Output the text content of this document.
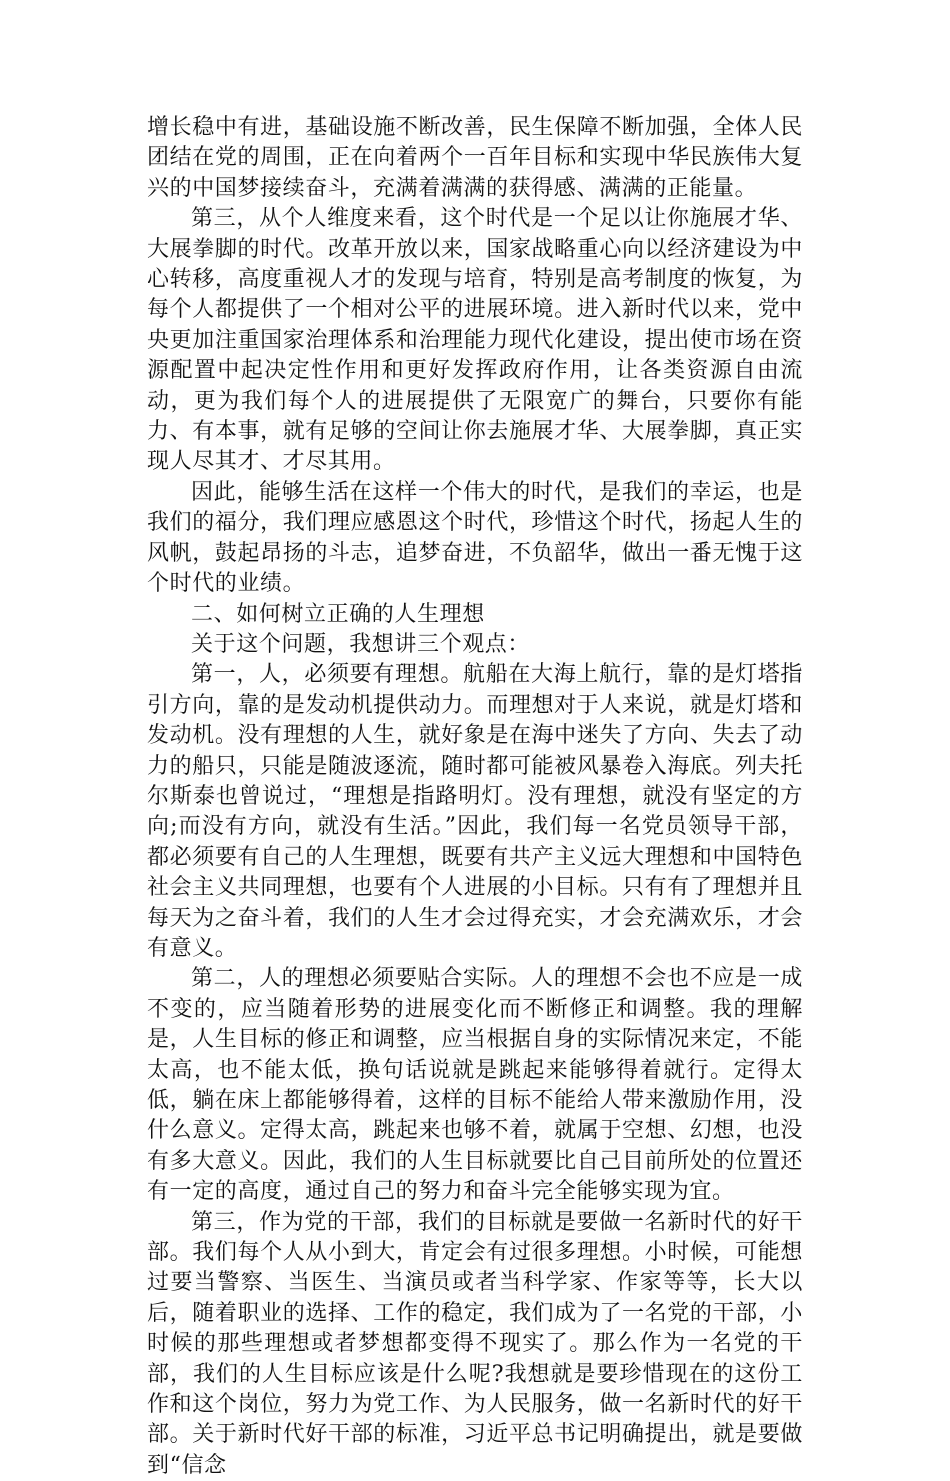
增长稳中有进，基础设施不断改善，民生保障不断加强，全体人民团结在党的周围，正在向着两个一百年目标和实现中华民族伟大复兴的中国梦接续奋斗，充满着满满的获得感、满满的正能量。

第三，从个人维度来看，这个时代是一个足以让你施展才华、大展拳脚的时代。改革开放以来，国家战略重心向以经济建设为中心转移，高度重视人才的发现与培育，特别是高考制度的恢复，为每个人都提供了一个相对公平的进展环境。进入新时代以来，党中央更加注重国家治理体系和治理能力现代化建设，提出使市场在资源配置中起决定性作用和更好发挥政府作用，让各类资源自由流动，更为我们每个人的进展提供了无限宽广的舞台，只要你有能力、有本事，就有足够的空间让你去施展才华、大展拳脚，真正实现人尽其才、才尽其用。

因此，能够生活在这样一个伟大的时代，是我们的幸运，也是我们的福分，我们理应感恩这个时代，珍惜这个时代，扬起人生的风帆，鼓起昂扬的斗志，追梦奋进，不负韶华，做出一番无愧于这个时代的业绩。

二、如何树立正确的人生理想

关于这个问题，我想讲三个观点：

第一，人，必须要有理想。航船在大海上航行，靠的是灯塔指引方向，靠的是发动机提供动力。而理想对于人来说，就是灯塔和发动机。没有理想的人生，就好象是在海中迷失了方向、失去了动力的船只，只能是随波逐流，随时都可能被风暴卷入海底。列夫托尔斯泰也曾说过，“理想是指路明灯。没有理想，就没有坚定的方向;而没有方向，就没有生活。”因此，我们每一名党员领导干部，都必须要有自己的人生理想，既要有共产主义远大理想和中国特色社会主义共同理想，也要有个人进展的小目标。只有有了理想并且每天为之奋斗着，我们的人生才会过得充实，才会充满欢乐，才会有意义。

第二，人的理想必须要贴合实际。人的理想不会也不应是一成不变的，应当随着形势的进展变化而不断修正和调整。我的理解是，人生目标的修正和调整，应当根据自身的实际情况来定，不能太高，也不能太低，换句话说就是跳起来能够得着就行。定得太低，躺在床上都能够得着，这样的目标不能给人带来激励作用，没什么意义。定得太高，跳起来也够不着，就属于空想、幻想，也没有多大意义。因此，我们的人生目标就要比自己目前所处的位置还有一定的高度，通过自己的努力和奋斗完全能够实现为宜。

第三，作为党的干部，我们的目标就是要做一名新时代的好干部。我们每个人从小到大，肯定会有过很多理想。小时候，可能想过要当警察、当医生、当演员或者当科学家、作家等等，长大以后，随着职业的选择、工作的稳定，我们成为了一名党的干部，小时候的那些理想或者梦想都变得不现实了。那么作为一名党的干部，我们的人生目标应该是什么呢?我想就是要珍惜现在的这份工作和这个岗位，努力为党工作、为人民服务，做一名新时代的好干部。关于新时代好干部的标准，习近平总书记明确提出，就是要做到“信念
